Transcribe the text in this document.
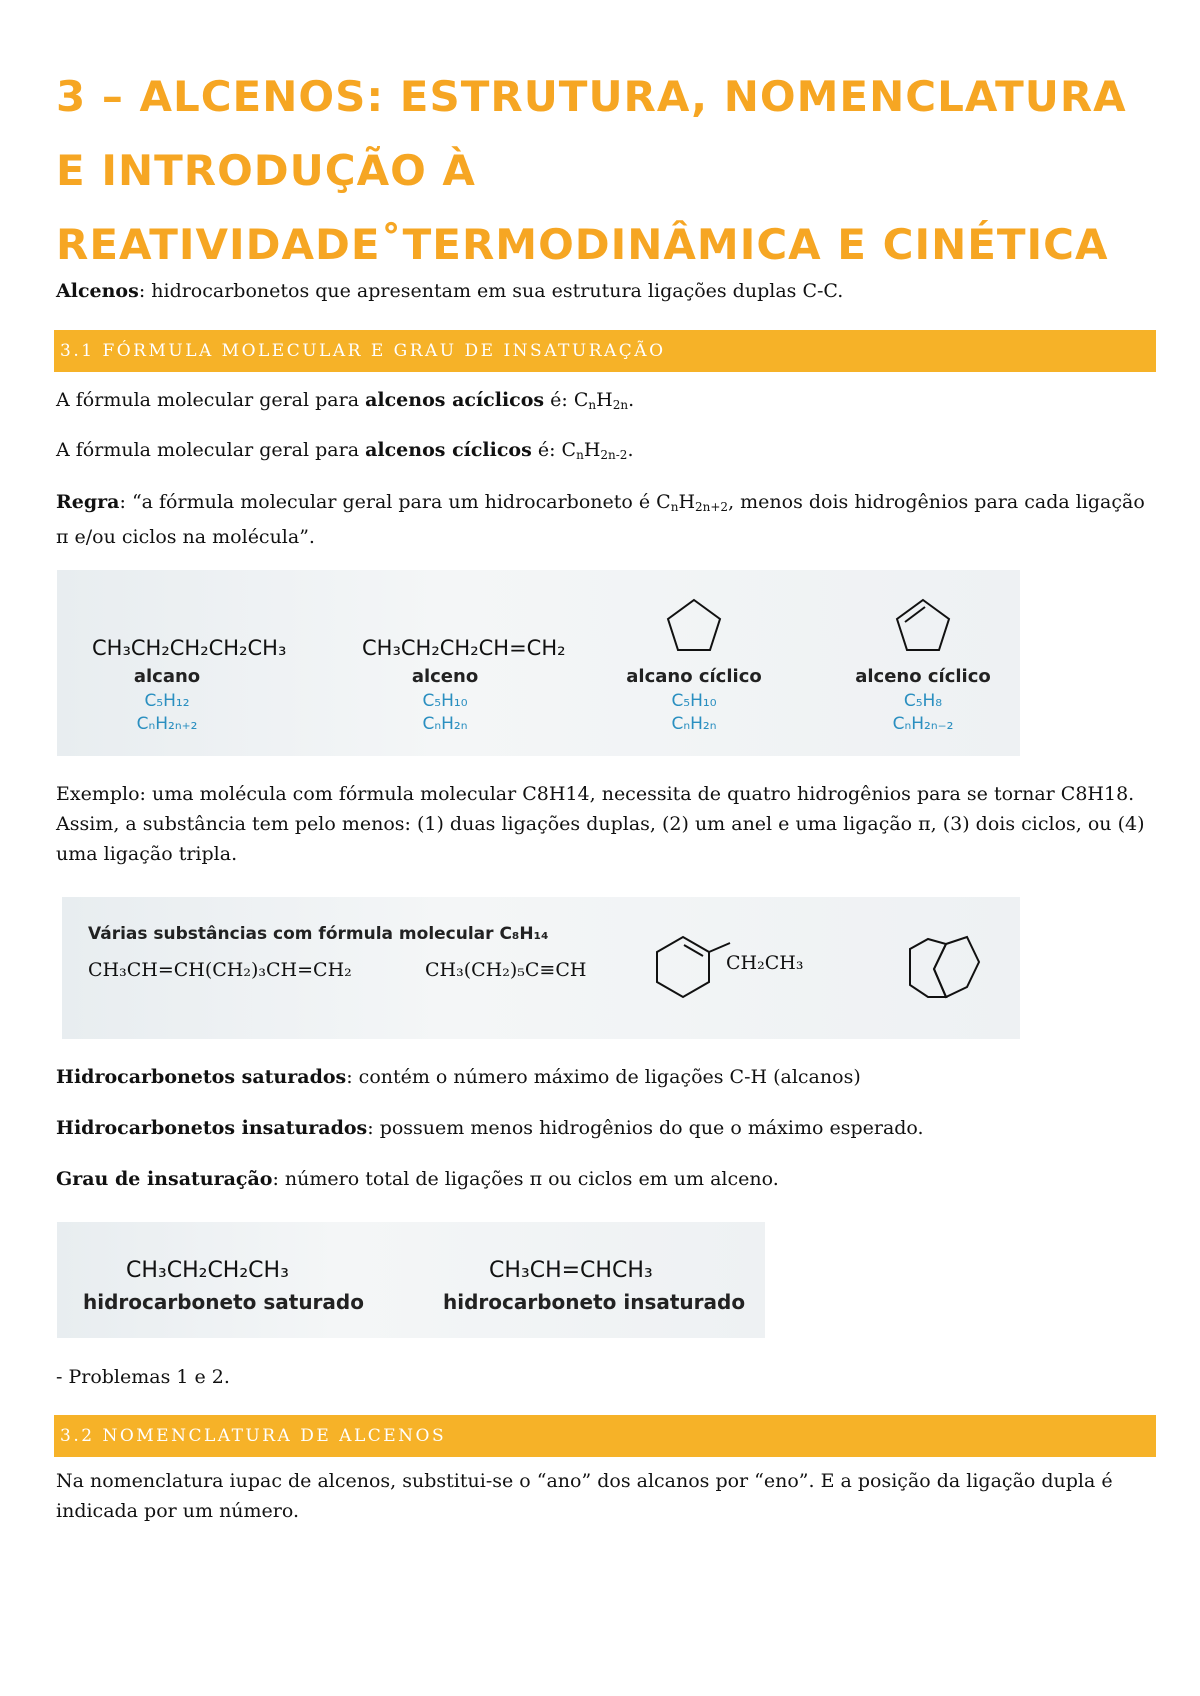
3 – ALCENOS: ESTRUTURA, NOMENCLATURA E INTRODUÇÃO À REATIVIDADE˚TERMODINÂMICA E CINÉTICA

Alcenos: hidrocarbonetos que apresentam em sua estrutura ligações duplas C-C.

3.1 FÓRMULA MOLECULAR E GRAU DE INSATURAÇÃO

A fórmula molecular geral para alcenos acíclicos é: $C_nH_{2n}$.

A fórmula molecular geral para alcenos cíclicos é: $C_nH_{2n-2}$.

Regra: “a fórmula molecular geral para um hidrocarboneto é $C_nH_{2n+2}$, menos dois hidrogênios para cada ligação π e/ou ciclos na molécula”.

CH₃CH₂CH₂CH₂CH₃
alcano
C₅H₁₂
CₙH₂ₙ₊₂
CH₃CH₂CH₂CH=CH₂
alceno
C₅H₁₀
CₙH₂ₙ
alcano cíclico
C₅H₁₀
CₙH₂ₙ
alceno cíclico
C₅H₈
CₙH₂ₙ₋₂

Exemplo: uma molécula com fórmula molecular C8H14, necessita de quatro hidrogênios para se tornar C8H18. Assim, a substância tem pelo menos: (1) duas ligações duplas, (2) um anel e uma ligação π, (3) dois ciclos, ou (4) uma ligação tripla.

Várias substâncias com fórmula molecular C₈H₁₄
CH₃CH=CH(CH₂)₃CH=CH₂	CH₃(CH₂)₅C≡CH	CH₂CH₃

Hidrocarbonetos saturados: contém o número máximo de ligações C-H (alcanos)

Hidrocarbonetos insaturados: possuem menos hidrogênios do que o máximo esperado.

Grau de insaturação: número total de ligações π ou ciclos em um alceno.

CH₃CH₂CH₂CH₃
hidrocarboneto saturado
CH₃CH=CHCH₃
hidrocarboneto insaturado

- Problemas 1 e 2.

3.2 NOMENCLATURA DE ALCENOS

Na nomenclatura iupac de alcenos, substitui-se o “ano” dos alcanos por “eno”. E a posição da ligação dupla é indicada por um número.
